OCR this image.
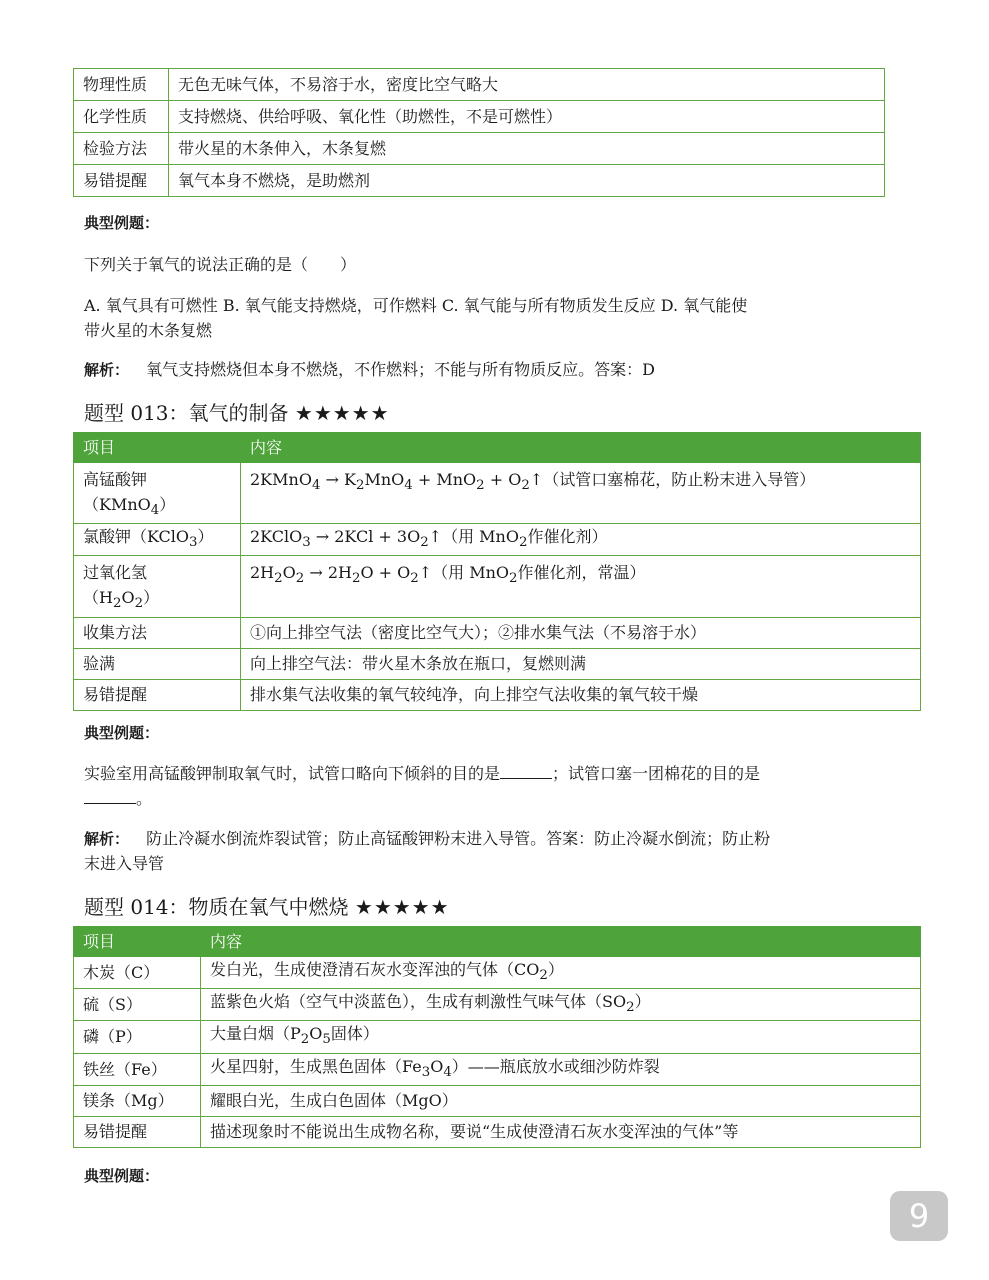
物理性质	无色无味气体，不易溶于水，密度比空气略大
化学性质	支持燃烧、供给呼吸、氧化性（助燃性，不是可燃性）
检验方法	带火星的木条伸入，木条复燃
易错提醒	氧气本身不燃烧，是助燃剂
典型例题：
下列关于氧气的说法正确的是（　　）
A. 氧气具有可燃性 B. 氧气能支持燃烧，可作燃料 C. 氧气能与所有物质发生反应 D. 氧气能使
带火星的木条复燃
解析： 氧气支持燃烧但本身不燃烧，不作燃料；不能与所有物质反应。答案：D
题型 013：氧气的制备 ★★★★★
项目	内容
高锰酸钾
（KMnO$_4$）	2KMnO$_4$ → $K_2MnO_4 + MnO_2$ + $O_2↑$（试管口塞棉花，防止粉末进入导管）
氯酸钾（KClO$_3$）	2KClO$_3$ → $2KCl + 3O_2↑$（用 MnO$_2$作催化剂）
过氧化氢
$(H_2O_2)$	$2H_2O_2 \to 2H_2O$ + $O_2↑$（用 MnO$_2$作催化剂，常温）
收集方法	①向上排空气法（密度比空气大）；②排水集气法（不易溶于水）
验满	向上排空气法：带火星木条放在瓶口，复燃则满
易错提醒	排水集气法收集的氧气较纯净，向上排空气法收集的氧气较干燥
典型例题：
实验室用高锰酸钾制取氧气时，试管口略向下倾斜的目的是	；试管口塞一团棉花的目的是
。
解析： 防止冷凝水倒流炸裂试管；防止高锰酸钾粉末进入导管。答案：防止冷凝水倒流；防止粉
末进入导管
题型 014：物质在氧气中燃烧 ★★★★★
项目	内容
木炭（C）	发白光，生成使澄清石灰水变浑浊的气体$(CO_2)$
硫（S）	蓝紫色火焰（空气中淡蓝色），生成有刺激性气味气体$(SO_2)$
磷（P）	大量白烟（$P_2O_5$固体）
铁丝（Fe）	火星四射，生成黑色固体$(Fe_3O_4)——$瓶底放水或细沙防炸裂
镁条（Mg）	耀眼白光，生成白色固体（MgO）
易错提醒	描述现象时不能说出生成物名称，要说“生成使澄清石灰水变浑浊的气体”等
典型例题：
9
